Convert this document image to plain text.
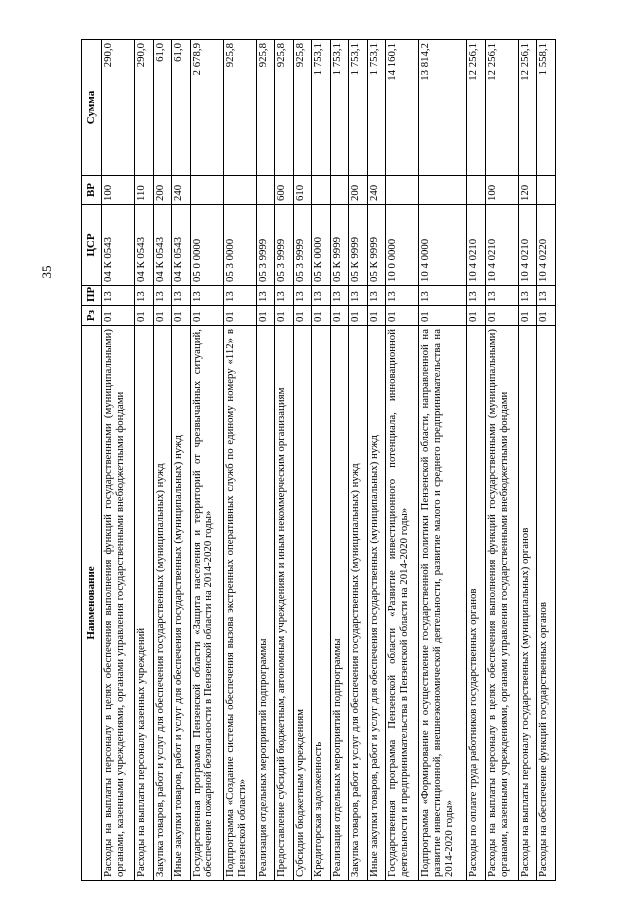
35
Наименование	Рз	ПР	ЦСР	ВР	Сумма
Расходы на выплаты персоналу в целях обеспечения выполнения функций государственными (муниципальными) органами, казенными учреждениями, органами управления государственными внебюджетными фондами	01	13	04 К 0543	100	290,0
Расходы на выплаты персоналу казенных учреждений	01	13	04 К 0543	110	290,0
Закупка товаров, работ и услуг для обеспечения государственных (муниципальных) нужд	01	13	04 К 0543	200	61,0
Иные закупки товаров, работ и услуг для обеспечения государственных (муниципальных) нужд	01	13	04 К 0543	240	61,0
Государственная программа Пензенской области «Защита населения и территорий от чрезвычайных ситуаций, обеспечение пожарной безопасности в Пензенской области на 2014-2020 годы»	01	13	05 0 0000		2 678,9
Подпрограмма «Создание системы обеспечения вызова экстренных оперативных служб по единому номеру «112» в Пензенской области»	01	13	05 3 0000		925,8
Реализация отдельных мероприятий подпрограммы	01	13	05 3 9999		925,8
Предоставление субсидий бюджетным, автономным учреждениям и иным некоммерческим организациям	01	13	05 3 9999	600	925,8
Субсидии бюджетным учреждениям	01	13	05 3 9999	610	925,8
Кредиторская задолженность	01	13	05 К 0000		1 753,1
Реализация отдельных мероприятий подпрограммы	01	13	05 К 9999		1 753,1
Закупка товаров, работ и услуг для обеспечения государственных (муниципальных) нужд	01	13	05 К 9999	200	1 753,1
Иные закупки товаров, работ и услуг для обеспечения государственных (муниципальных) нужд	01	13	05 К 9999	240	1 753,1
Государственная программа Пензенской области «Развитие инвестиционного потенциала, инновационной деятельности и предпринимательства в Пензенской области на 2014-2020 годы»	01	13	10 0 0000		14 160,1
Подпрограмма «Формирование и осуществление государственной политики Пензенской области, направленной на развитие инвестиционной, внешнеэкономической деятельности, развитие малого и среднего предпринимательства на 2014-2020 годы»	01	13	10 4 0000		13 814,2
Расходы по оплате труда работников государственных органов	01	13	10 4 0210		12 256,1
Расходы на выплаты персоналу в целях обеспечения выполнения функций государственными (муниципальными) органами, казенными учреждениями, органами управления государственными внебюджетными фондами	01	13	10 4 0210	100	12 256,1
Расходы на выплаты персоналу государственных (муниципальных) органов	01	13	10 4 0210	120	12 256,1
Расходы на обеспечение функций государственных органов	01	13	10 4 0220		1 558,1
